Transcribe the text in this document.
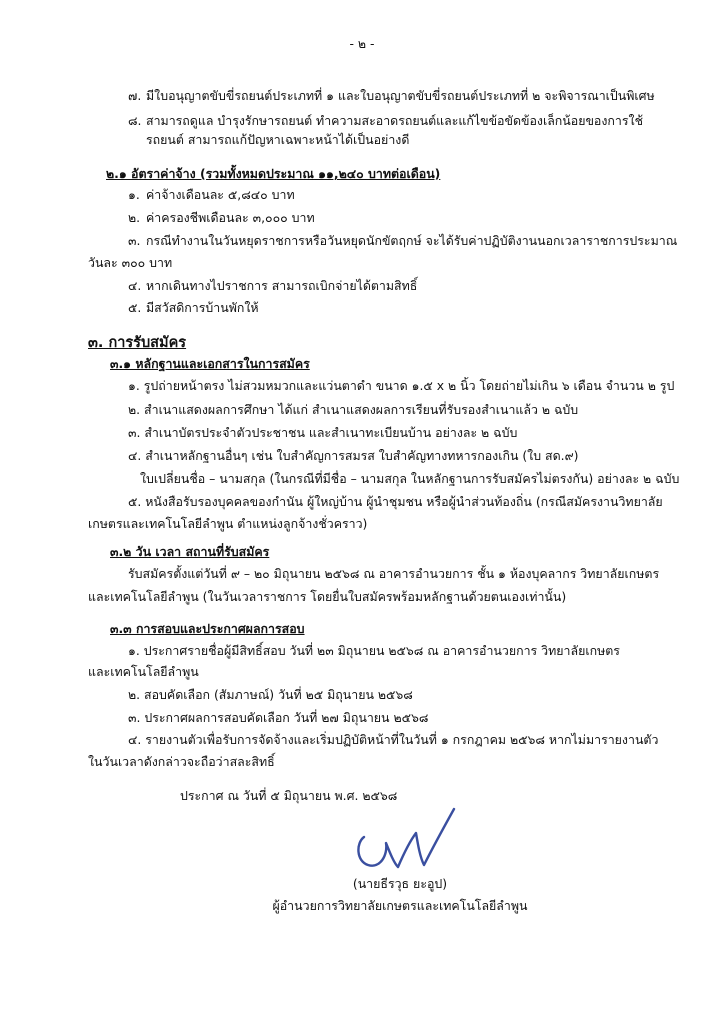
- ๒ -
๗. มีใบอนุญาตขับขี่รถยนต์ประเภทที่ ๑ และใบอนุญาตขับขี่รถยนต์ประเภทที่ ๒ จะพิจารณาเป็นพิเศษ
๘. สามารถดูแล บำรุงรักษารถยนต์ ทำความสะอาดรถยนต์และแก้ไขข้อขัดข้องเล็กน้อยของการใช้
รถยนต์ สามารถแก้ปัญหาเฉพาะหน้าได้เป็นอย่างดี
๒.๑ อัตราค่าจ้าง (รวมทั้งหมดประมาณ ๑๑,๒๔๐ บาทต่อเดือน)
๑. ค่าจ้างเดือนละ ๕,๘๔๐ บาท
๒. ค่าครองชีพเดือนละ ๓,๐๐๐ บาท
๓. กรณีทำงานในวันหยุดราชการหรือวันหยุดนักขัตฤกษ์ จะได้รับค่าปฏิบัติงานนอกเวลาราชการประมาณ
วันละ ๓๐๐ บาท
๔. หากเดินทางไปราชการ สามารถเบิกจ่ายได้ตามสิทธิ์
๕. มีสวัสดิการบ้านพักให้
๓. การรับสมัคร
๓.๑ หลักฐานและเอกสารในการสมัคร
๑. รูปถ่ายหน้าตรง ไม่สวมหมวกและแว่นตาดำ ขนาด ๑.๕ x ๒ นิ้ว โดยถ่ายไม่เกิน ๖ เดือน จำนวน ๒ รูป
๒. สำเนาแสดงผลการศึกษา ได้แก่ สำเนาแสดงผลการเรียนที่รับรองสำเนาแล้ว ๒ ฉบับ
๓. สำเนาบัตรประจำตัวประชาชน และสำเนาทะเบียนบ้าน อย่างละ ๒ ฉบับ
๔. สำเนาหลักฐานอื่นๆ เช่น ใบสำคัญการสมรส ใบสำคัญทางทหารกองเกิน (ใบ สด.๙)
ใบเปลี่ยนชื่อ – นามสกุล (ในกรณีที่มีชื่อ – นามสกุล ในหลักฐานการรับสมัครไม่ตรงกัน) อย่างละ ๒ ฉบับ
๕. หนังสือรับรองบุคคลของกำนัน ผู้ใหญ่บ้าน ผู้นำชุมชน หรือผู้นำส่วนท้องถิ่น (กรณีสมัครงานวิทยาลัย
เกษตรและเทคโนโลยีลำพูน ตำแหน่งลูกจ้างชั่วคราว)
๓.๒ วัน เวลา สถานที่รับสมัคร
รับสมัครตั้งแต่วันที่ ๙ – ๒๐ มิถุนายน ๒๕๖๘ ณ อาคารอำนวยการ ชั้น ๑ ห้องบุคลากร วิทยาลัยเกษตร
และเทคโนโลยีลำพูน (ในวันเวลาราชการ โดยยื่นใบสมัครพร้อมหลักฐานด้วยตนเองเท่านั้น)
๓.๓ การสอบและประกาศผลการสอบ
๑. ประกาศรายชื่อผู้มีสิทธิ์สอบ วันที่ ๒๓ มิถุนายน ๒๕๖๘ ณ อาคารอำนวยการ วิทยาลัยเกษตร
และเทคโนโลยีลำพูน
๒. สอบคัดเลือก (สัมภาษณ์) วันที่ ๒๕ มิถุนายน ๒๕๖๘
๓. ประกาศผลการสอบคัดเลือก วันที่ ๒๗ มิถุนายน ๒๕๖๘
๔. รายงานตัวเพื่อรับการจัดจ้างและเริ่มปฏิบัติหน้าที่ในวันที่ ๑ กรกฎาคม ๒๕๖๘ หากไม่มารายงานตัว
ในวันเวลาดังกล่าวจะถือว่าสละสิทธิ์
ประกาศ ณ วันที่ ๕ มิถุนายน พ.ศ. ๒๕๖๘
(นายธีรวุธ ยะอูป)
ผู้อำนวยการวิทยาลัยเกษตรและเทคโนโลยีลำพูน
